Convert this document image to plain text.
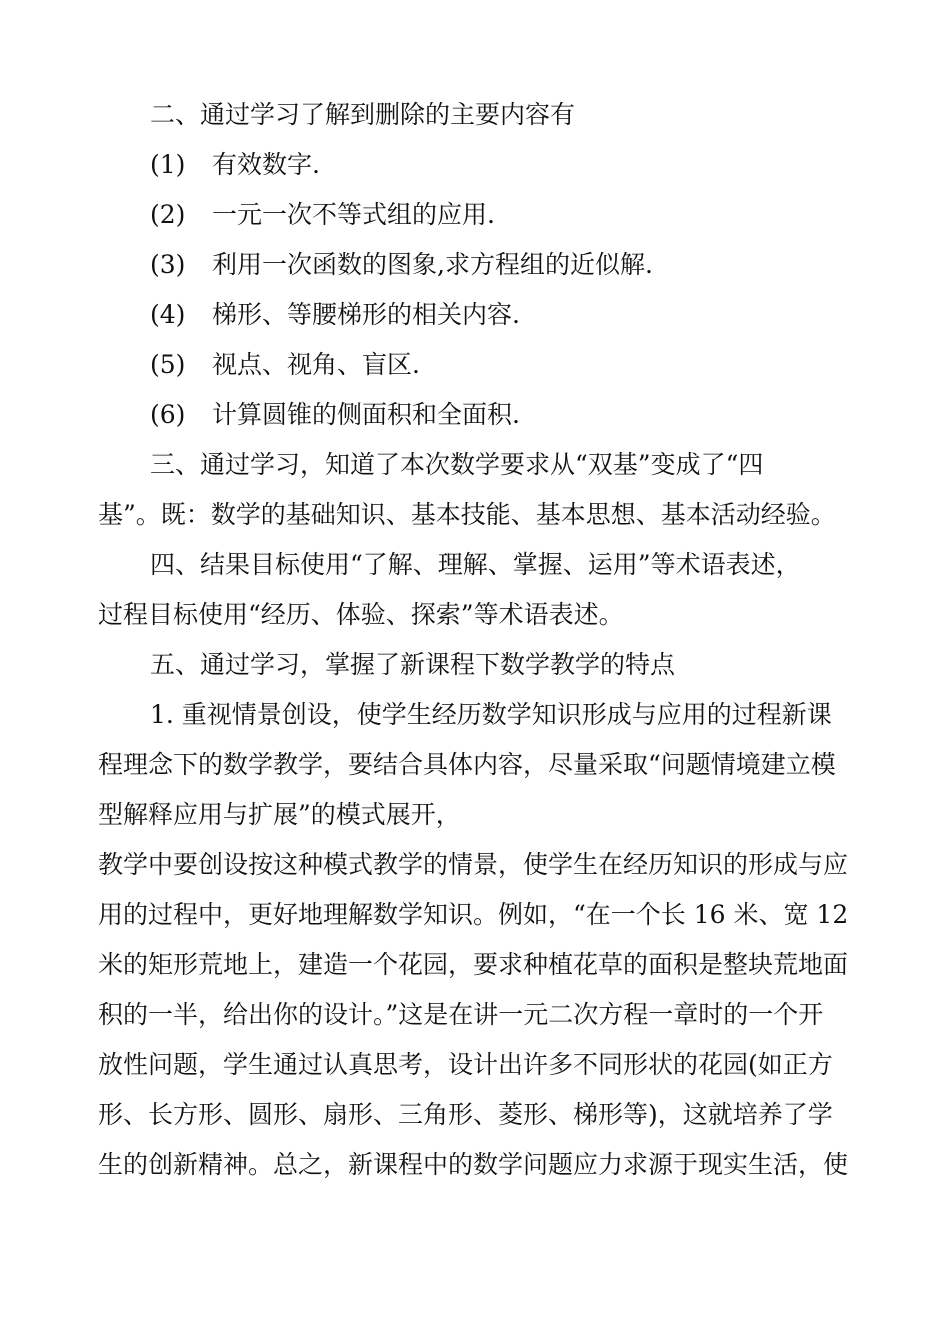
二、通过学习了解到删除的主要内容有
(1) 有效数字.
(2) 一元一次不等式组的应用.
(3) 利用一次函数的图象,求方程组的近似解.
(4) 梯形、等腰梯形的相关内容.
(5) 视点、视角、盲区.
(6) 计算圆锥的侧面积和全面积.
三、通过学习，知道了本次数学要求从“双基”变成了“四
基”。既：数学的基础知识、基本技能、基本思想、基本活动经验。
四、结果目标使用“了解、理解、掌握、运用”等术语表述，
过程目标使用“经历、体验、探索”等术语表述。
五、通过学习，掌握了新课程下数学教学的特点
1. 重视情景创设，使学生经历数学知识形成与应用的过程新课
程理念下的数学教学，要结合具体内容，尽量采取“问题情境建立模
型解释应用与扩展”的模式展开，
教学中要创设按这种模式教学的情景，使学生在经历知识的形成与应
用的过程中，更好地理解数学知识。例如，“在一个长 16 米、宽 12
米的矩形荒地上，建造一个花园，要求种植花草的面积是整块荒地面
积的一半，给出你的设计。”这是在讲一元二次方程一章时的一个开
放性问题，学生通过认真思考，设计出许多不同形状的花园(如正方
形、长方形、圆形、扇形、三角形、菱形、梯形等)，这就培养了学
生的创新精神。总之，新课程中的数学问题应力求源于现实生活，使
